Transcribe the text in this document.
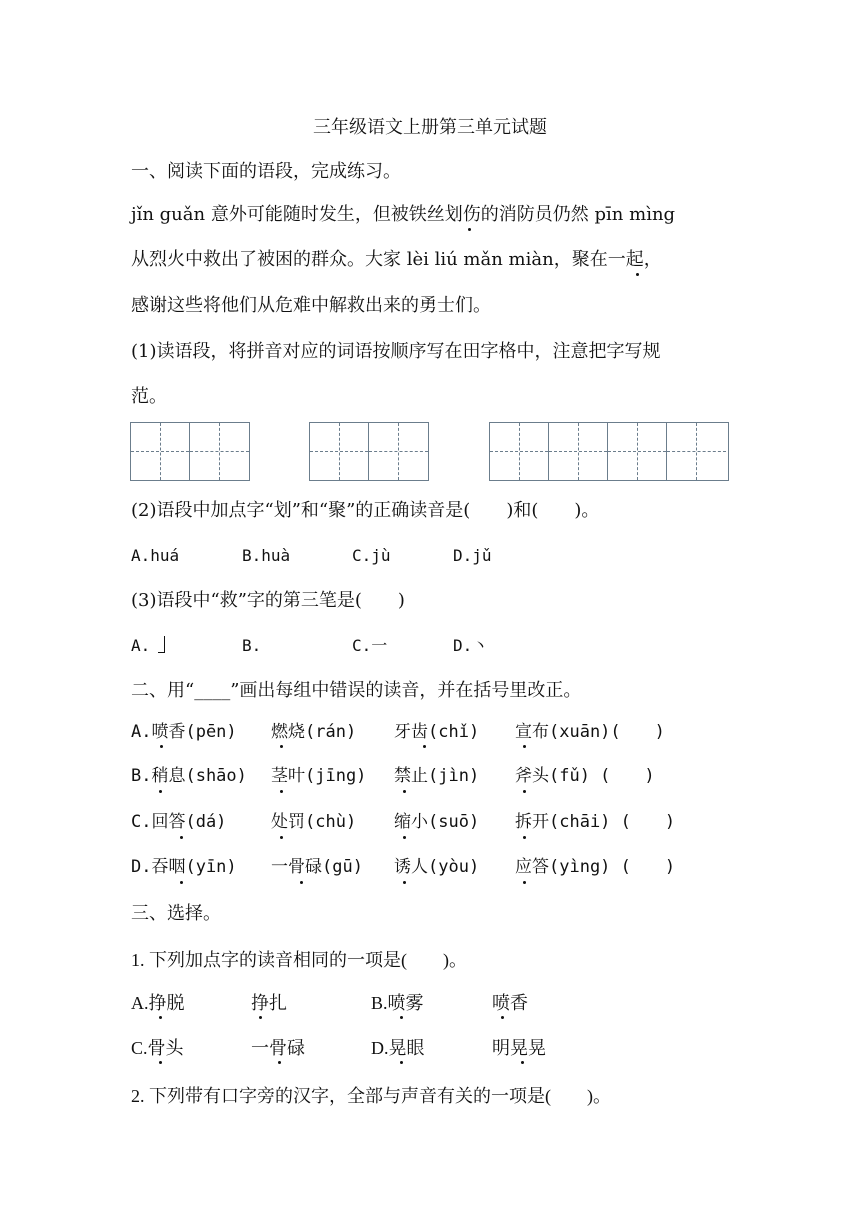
三年级语文上册第三单元试题
一、阅读下面的语段，完成练习。
jǐn guǎn 意外可能随时发生，但被铁丝划伤的消防员仍然 pīn mìng
从烈火中救出了被困的群众。大家 lèi liú mǎn miàn，聚在一起，
感谢这些将他们从危难中解救出来的勇士们。
(1)读语段，将拼音对应的词语按顺序写在田字格中，注意把字写规
范。
(2)语段中加点字“划”和“聚”的正确读音是(　　)和(　　)。
A.huá	B.huà	C.jù	D.jǔ
(3)语段中“救”字的第三笔是(　　)
A.	B.	C.一	D.丶
二、用“____”画出每组中错误的读音，并在括号里改正。
A.喷香(pēn) 燃烧(rán) 牙齿(chǐ) 宣布(xuān)(　　)
B.稍息(shāo) 茎叶(jīng) 禁止(jìn) 斧头(fǔ) (　　)
C.回答(dá)	处罚(chù) 缩小(suō) 拆开(chāi) (　　)
D.吞咽(yīn) 一骨碌(gū) 诱人(yòu) 应答(yìng) (　　)
三、选择。
1. 下列加点字的读音相同的一项是(　　)。
A.挣脱	挣扎	B.喷雾	喷香
C.骨头	一骨碌	D.晃眼	明晃晃
2. 下列带有口字旁的汉字，全部与声音有关的一项是(　　)。
